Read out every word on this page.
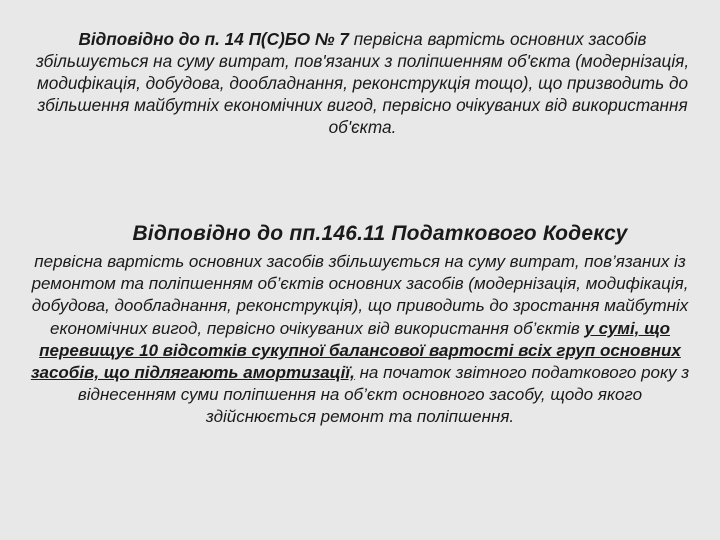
Відповідно до п. 14 П(С)БО № 7 первісна вартість основних засобів збільшується на суму витрат, пов'язаних з поліпшенням об'єкта (модернізація, модифікація, добудова, дообладнання, реконструкція тощо), що призводить до збільшення майбутніх економічних вигод, первісно очікуваних від використання об'єкта.
Відповідно до пп.146.11 Податкового Кодексу
первісна вартість основних засобів збільшується на суму витрат, пов’язаних із ремонтом та поліпшенням об’єктів основних засобів (модернізація, модифікація, добудова, дообладнання, реконструкція), що приводить до зростання майбутніх економічних вигод, первісно очікуваних від використання об’єктів у сумі, що перевищує 10 відсотків сукупної балансової вартості всіх груп основних засобів, що підлягають амортизації, на початок звітного податкового року з віднесенням суми поліпшення на об’єкт основного засобу, щодо якого здійснюється ремонт та поліпшення.
